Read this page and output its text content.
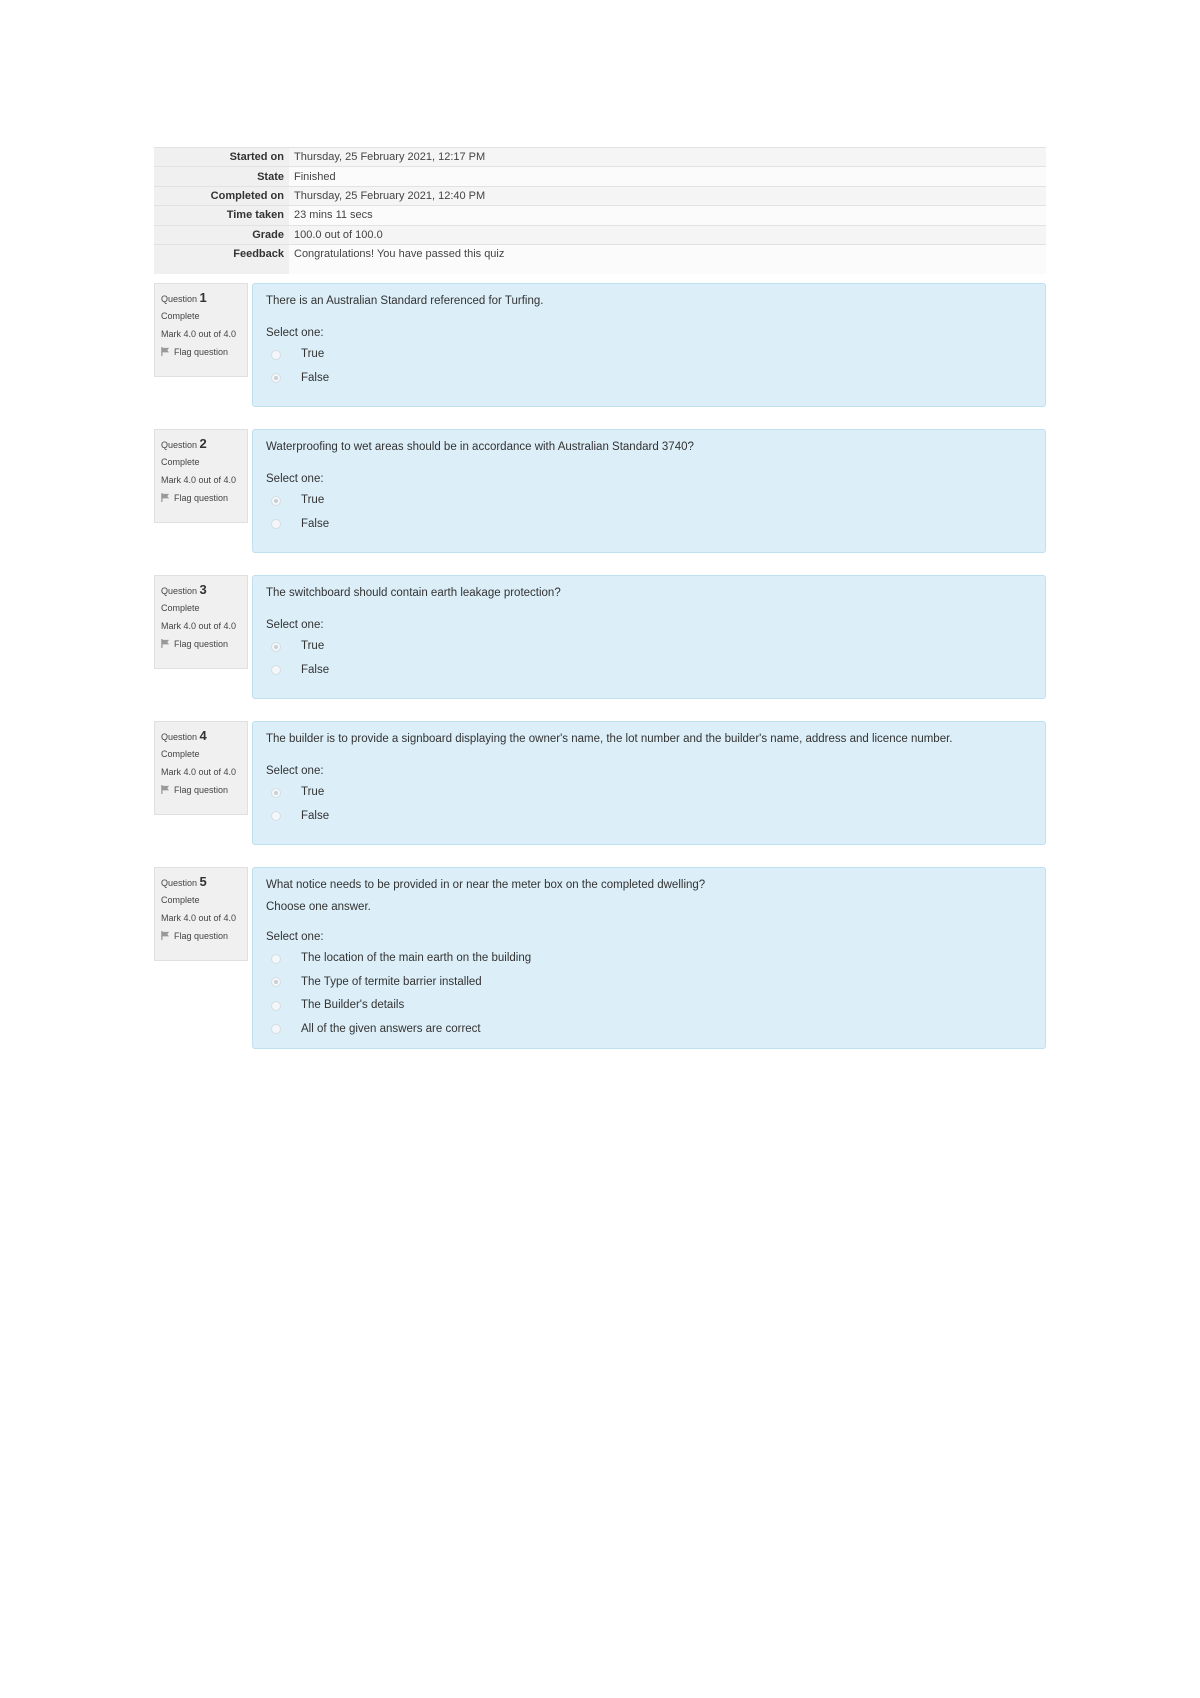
Started on	Thursday, 25 February 2021, 12:17 PM
State	Finished
Completed on	Thursday, 25 February 2021, 12:40 PM
Time taken	23 mins 11 secs
Grade	100.0 out of 100.0
Feedback	Congratulations! You have passed this quiz
Question 1
Complete
Mark 4.0 out of 4.0
Flag question

There is an Australian Standard referenced for Turfing.

Select one:
True
False
Question 2
Complete
Mark 4.0 out of 4.0
Flag question

Waterproofing to wet areas should be in accordance with Australian Standard 3740?

Select one:
True
False
Question 3
Complete
Mark 4.0 out of 4.0
Flag question

The switchboard should contain earth leakage protection?

Select one:
True
False
Question 4
Complete
Mark 4.0 out of 4.0
Flag question

The builder is to provide a signboard displaying the owner's name, the lot number and the builder's name, address and licence number.

Select one:
True
False
Question 5
Complete
Mark 4.0 out of 4.0
Flag question

What notice needs to be provided in or near the meter box on the completed dwelling?

Choose one answer.

Select one:
The location of the main earth on the building
The Type of termite barrier installed
The Builder's details
All of the given answers are correct
